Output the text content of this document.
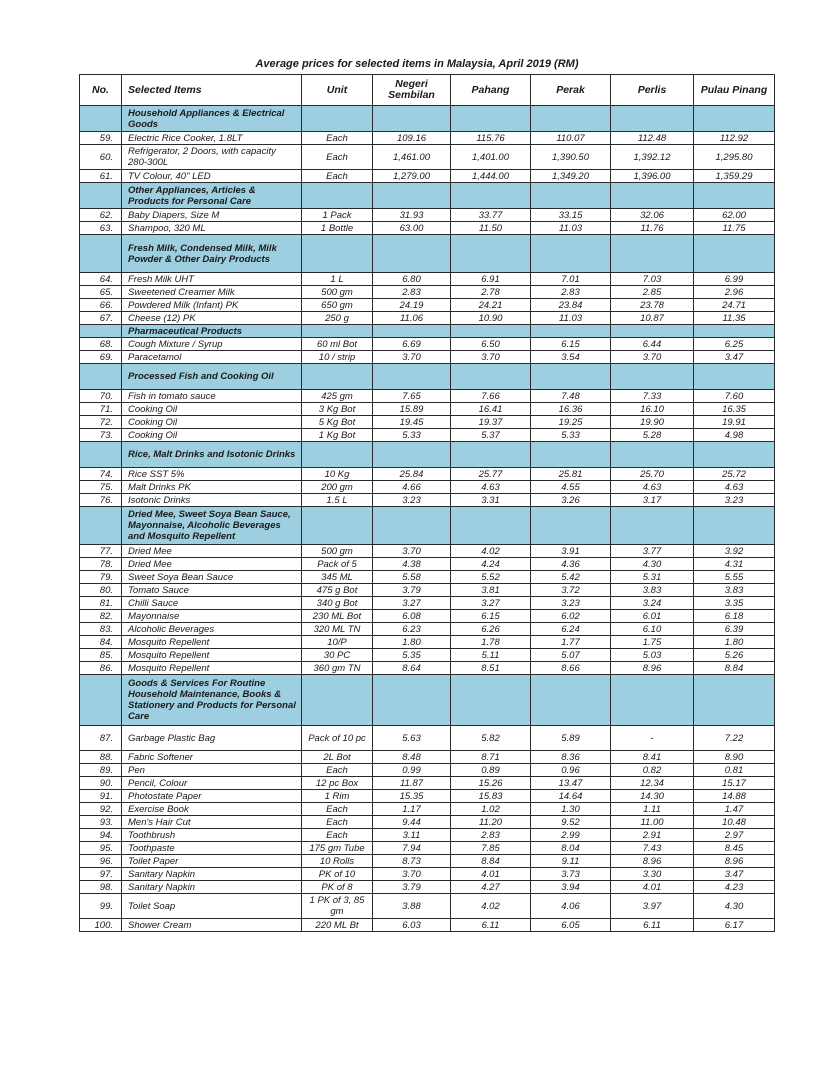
Average prices for selected items in Malaysia, April 2019 (RM)
No.	Selected Items	Unit	Negeri Sembilan	Pahang	Perak	Perlis	Pulau Pinang
	Household Appliances & Electrical Goods						
59.	Electric Rice Cooker, 1.8LT	Each	109.16	115.76	110.07	112.48	112.92
60.	Refrigerator, 2 Doors, with capacity 280-300L	Each	1,461.00	1,401.00	1,390.50	1,392.12	1,295.80
61.	TV Colour, 40" LED	Each	1,279.00	1,444.00	1,349.20	1,396.00	1,359.29
	Other Appliances, Articles & Products for Personal Care						
62.	Baby Diapers, Size M	1 Pack	31.93	33.77	33.15	32.06	62.00
63.	Shampoo, 320 ML	1 Bottle	63.00	11.50	11.03	11.76	11.75
	Fresh Milk, Condensed Milk, Milk Powder & Other Dairy Products						
64.	Fresh Milk UHT	1 L	6.80	6.91	7.01	7.03	6.99
65.	Sweetened Creamer Milk	500 gm	2.83	2.78	2.83	2.85	2.96
66.	Powdered Milk (Infant) PK	650 gm	24.19	24.21	23.84	23.78	24.71
67.	Cheese (12) PK	250 g	11.06	10.90	11.03	10.87	11.35
	Pharmaceutical Products						
68.	Cough Mixture / Syrup	60 ml Bot	6.69	6.50	6.15	6.44	6.25
69.	Paracetamol	10 / strip	3.70	3.70	3.54	3.70	3.47
	Processed Fish and Cooking Oil						
70.	Fish in tomato sauce	425 gm	7.65	7.66	7.48	7.33	7.60
71.	Cooking Oil	3 Kg Bot	15.89	16.41	16.36	16.10	16.35
72.	Cooking Oil	5 Kg Bot	19.45	19.37	19.25	19.90	19.91
73.	Cooking Oil	1 Kg Bot	5.33	5.37	5.33	5.28	4.98
	Rice, Malt Drinks and Isotonic Drinks						
74.	Rice SST 5%	10 Kg	25.84	25.77	25.81	25.70	25.72
75.	Malt Drinks PK	200 gm	4.66	4.63	4.55	4.63	4.63
76.	Isotonic Drinks	1.5 L	3.23	3.31	3.26	3.17	3.23
	Dried Mee, Sweet Soya Bean Sauce, Mayonnaise, Alcoholic Beverages and Mosquito Repellent						
77.	Dried Mee	500 gm	3.70	4.02	3.91	3.77	3.92
78.	Dried Mee	Pack of 5	4.38	4.24	4.36	4.30	4.31
79.	Sweet Soya Bean Sauce	345 ML	5.58	5.52	5.42	5.31	5.55
80.	Tomato Sauce	475 g Bot	3.79	3.81	3.72	3.83	3.83
81.	Chilli Sauce	340 g Bot	3.27	3.27	3.23	3.24	3.35
82.	Mayonnaise	230 ML Bot	6.08	6.15	6.02	6.01	6.18
83.	Alcoholic Beverages	320 ML TN	6.23	6.26	6.24	6.10	6.39
84.	Mosquito Repellent	10/P	1.80	1.78	1.77	1.75	1.80
85.	Mosquito Repellent	30 PC	5.35	5.11	5.07	5.03	5.26
86.	Mosquito Repellent	360 gm TN	8.64	8.51	8.66	8.96	8.84
	Goods & Services For Routine Household Maintenance, Books & Stationery and Products for Personal Care						
87.	Garbage Plastic Bag	Pack of 10 pc	5.63	5.82	5.89	-	7.22
88.	Fabric Softener	2L Bot	8.48	8.71	8.36	8.41	8.90
89.	Pen	Each	0.99	0.89	0.96	0.82	0.81
90.	Pencil, Colour	12 pc Box	11.87	15.26	13.47	12.34	15.17
91.	Photostate Paper	1 Rim	15.35	15.83	14.64	14.30	14.88
92.	Exercise Book	Each	1.17	1.02	1.30	1.11	1.47
93.	Men's Hair Cut	Each	9.44	11.20	9.52	11.00	10.48
94.	Toothbrush	Each	3.11	2.83	2.99	2.91	2.97
95.	Toothpaste	175 gm Tube	7.94	7.85	8.04	7.43	8.45
96.	Toilet Paper	10 Rolls	8.73	8.84	9.11	8.96	8.96
97.	Sanitary Napkin	PK of 10	3.70	4.01	3.73	3.30	3.47
98.	Sanitary Napkin	PK of 8	3.79	4.27	3.94	4.01	4.23
99.	Toilet Soap	1 PK of 3, 85 gm	3.88	4.02	4.06	3.97	4.30
100.	Shower Cream	220 ML Bt	6.03	6.11	6.05	6.11	6.17
